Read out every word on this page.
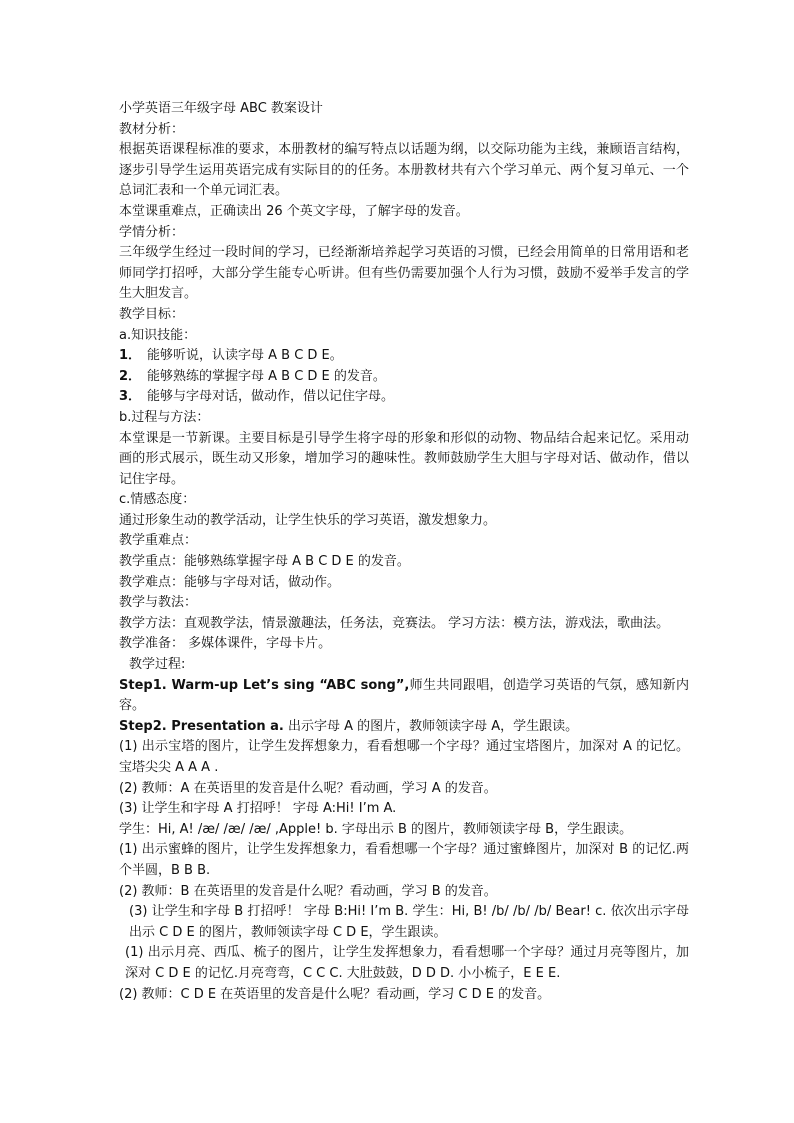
小学英语三年级字母 ABC 教案设计

教材分析：

根据英语课程标准的要求，本册教材的编写特点以话题为纲，以交际功能为主线，兼顾语言结构，逐步引导学生运用英语完成有实际目的的任务。本册教材共有六个学习单元、两个复习单元、一个总词汇表和一个单元词汇表。

本堂课重难点，正确读出 26 个英文字母，了解字母的发音。

学情分析：

三年级学生经过一段时间的学习，已经渐渐培养起学习英语的习惯，已经会用简单的日常用语和老师同学打招呼，大部分学生能专心听讲。但有些仍需要加强个人行为习惯，鼓励不爱举手发言的学生大胆发言。

教学目标：

a.知识技能：

1． 能够听说，认读字母 A B C D E。

2． 能够熟练的掌握字母 A B C D E 的发音。

3． 能够与字母对话，做动作，借以记住字母。

b.过程与方法：

本堂课是一节新课。主要目标是引导学生将字母的形象和形似的动物、物品结合起来记忆。采用动画的形式展示，既生动又形象，增加学习的趣味性。教师鼓励学生大胆与字母对话、做动作，借以记住字母。

c.情感态度：

通过形象生动的教学活动，让学生快乐的学习英语，激发想象力。

教学重难点：

教学重点：能够熟练掌握字母 A B C D E 的发音。

教学难点：能够与字母对话，做动作。

教学与教法：

教学方法：直观教学法，情景激趣法，任务法，竞赛法。 学习方法：模方法，游戏法，歌曲法。

教学准备： 多媒体课件，字母卡片。

教学过程:

Step1. Warm-up Let’s sing “ABC song”,师生共同跟唱，创造学习英语的气氛，感知新内容。

Step2. Presentation a. 出示字母 A 的图片，教师领读字母 A，学生跟读。

(1) 出示宝塔的图片，让学生发挥想象力，看看想哪一个字母？通过宝塔图片，加深对 A 的记忆。宝塔尖尖 A A A .

(2) 教师：A 在英语里的发音是什么呢？看动画，学习 A 的发音。

(3) 让学生和字母 A 打招呼！ 字母 A:Hi! I’m A.

学生：Hi, A! /æ/ /æ/ /æ/ ,Apple! b. 字母出示 B 的图片，教师领读字母 B，学生跟读。

(1) 出示蜜蜂的图片，让学生发挥想象力，看看想哪一个字母？通过蜜蜂图片，加深对 B 的记忆.两个半圆，B B B.

(2) 教师：B 在英语里的发音是什么呢？看动画，学习 B 的发音。

(3) 让学生和字母 B 打招呼！ 字母 B:Hi! I’m B. 学生：Hi, B! /b/ /b/ /b/ Bear! c. 依次出示字母出示 C D E 的图片，教师领读字母 C D E，学生跟读。

(1) 出示月亮、西瓜、梳子的图片，让学生发挥想象力，看看想哪一个字母？通过月亮等图片，加深对 C D E 的记忆.月亮弯弯，C C C. 大肚鼓鼓，D D D. 小小梳子，E E E.

(2) 教师：C D E 在英语里的发音是什么呢？看动画，学习 C D E 的发音。
